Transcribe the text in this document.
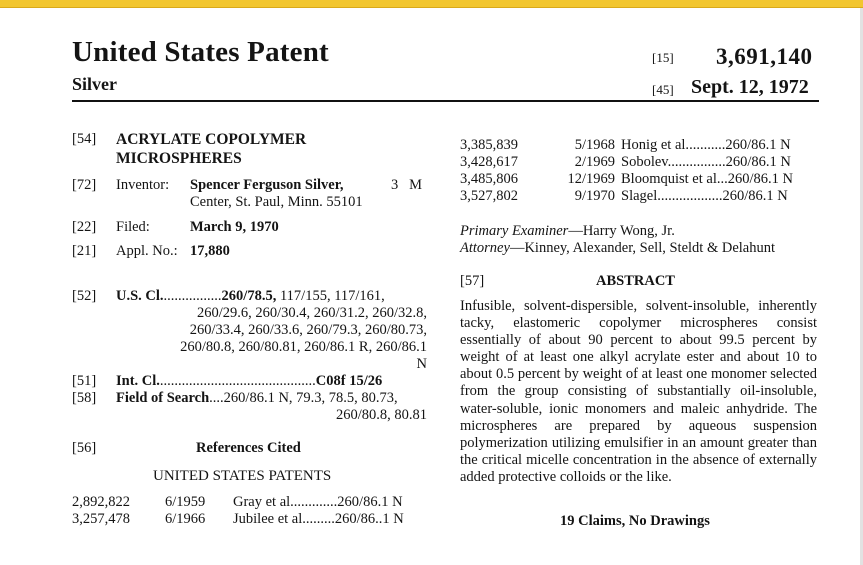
United States Patent
Silver
[15] 3,691,140
[45] Sept. 12, 1972
[54] ACRYLATE COPOLYMER
MICROSPHERES
[72] Inventor: Spencer Ferguson Silver,	3   M
Center, St. Paul, Minn. 55101
[22] Filed:	March 9, 1970
[21] Appl. No.: 17,880
[52] U.S. Cl.................260/78.5, 117/155, 117/161,
260/29.6, 260/30.4, 260/31.2, 260/32.8,
260/33.4, 260/33.6, 260/79.3, 260/80.73,
260/80.8, 260/80.81, 260/86.1 R, 260/86.1
N
[51] Int. Cl............................................C08f 15/26
[58] Field of Search....260/86.1 N, 79.3, 78.5, 80.73,
260/80.8, 80.81
[56]	References Cited
UNITED STATES PATENTS
2,892,822	6/1959	Gray et al.............260/86.1 N
3,257,478	6/1966	Jubilee et al.........260/86..1 N
3,385,839	5/1968	Honig et al...........260/86.1 N
3,428,617	2/1969	Sobolev................260/86.1 N
3,485,806	12/1969	Bloomquist et al...260/86.1 N
3,527,802	9/1970	Slagel..................260/86.1 N
Primary Examiner—Harry Wong, Jr.
Attorney—Kinney, Alexander, Sell, Steldt & Delahunt
[57]	ABSTRACT
Infusible, solvent-dispersible, solvent-insoluble, inherently tacky, elastomeric copolymer microspheres consist essentially of about 90 percent to about 99.5 percent by weight of at least one alkyl acrylate ester and about 10 to about 0.5 percent by weight of at least one monomer selected from the group consisting of substantially oil-insoluble, water-soluble, ionic monomers and maleic anhydride. The microspheres are prepared by aqueous suspension polymerization utilizing emulsifier in an amount greater than the critical micelle concentration in the absence of externally added protective colloids or the like.
19 Claims, No Drawings
